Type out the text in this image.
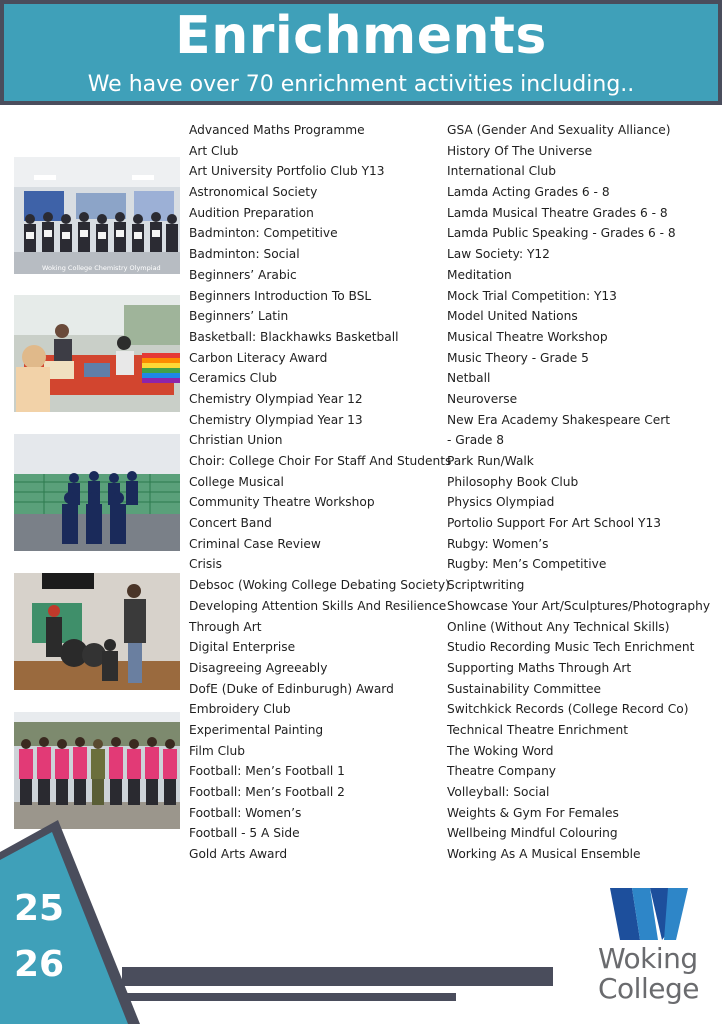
Enrichments
We have over 70 enrichment activities including..
Woking College Chemistry Olympiad
Advanced Maths Programme
Art Club
Art University Portfolio Club Y13
Astronomical Society
Audition Preparation
Badminton: Competitive
Badminton: Social
Beginners’ Arabic
Beginners Introduction To BSL
Beginners’ Latin
Basketball: Blackhawks Basketball
Carbon Literacy Award
Ceramics Club
Chemistry Olympiad Year 12
Chemistry Olympiad Year 13
Christian Union
Choir: College Choir For Staff And Students
College Musical
Community Theatre Workshop
Concert Band
Criminal Case Review
Crisis
Debsoc (Woking College Debating Society)
Developing Attention Skills And Resilience
Through Art
Digital Enterprise
Disagreeing Agreeably
DofE (Duke of Edinburugh) Award
Embroidery Club
Experimental Painting
Film Club
Football: Men’s Football 1
Football: Men’s Football 2
Football: Women’s
Football - 5 A Side
Gold Arts Award
GSA (Gender And Sexuality Alliance)
History Of The Universe
International Club
Lamda Acting Grades 6 - 8
Lamda Musical Theatre Grades 6 - 8
Lamda Public Speaking - Grades 6 - 8
Law Society: Y12
Meditation
Mock Trial Competition: Y13
Model United Nations
Musical Theatre Workshop
Music Theory - Grade 5
Netball
Neuroverse
New Era Academy Shakespeare Cert
- Grade 8
Park Run/Walk
Philosophy Book Club
Physics Olympiad
Portolio Support For Art School Y13
Rubgy: Women’s
Rugby: Men’s Competitive
Scriptwriting
Showcase Your Art/Sculptures/Photography
Online (Without Any Technical Skills)
Studio Recording Music Tech Enrichment
Supporting Maths Through Art
Sustainability Committee
Switchkick Records (College Record Co)
Technical Theatre Enrichment
The Woking Word
Theatre Company
Volleyball: Social
Weights & Gym For Females
Wellbeing Mindful Colouring
Working As A Musical Ensemble
25
26	Woking
College
